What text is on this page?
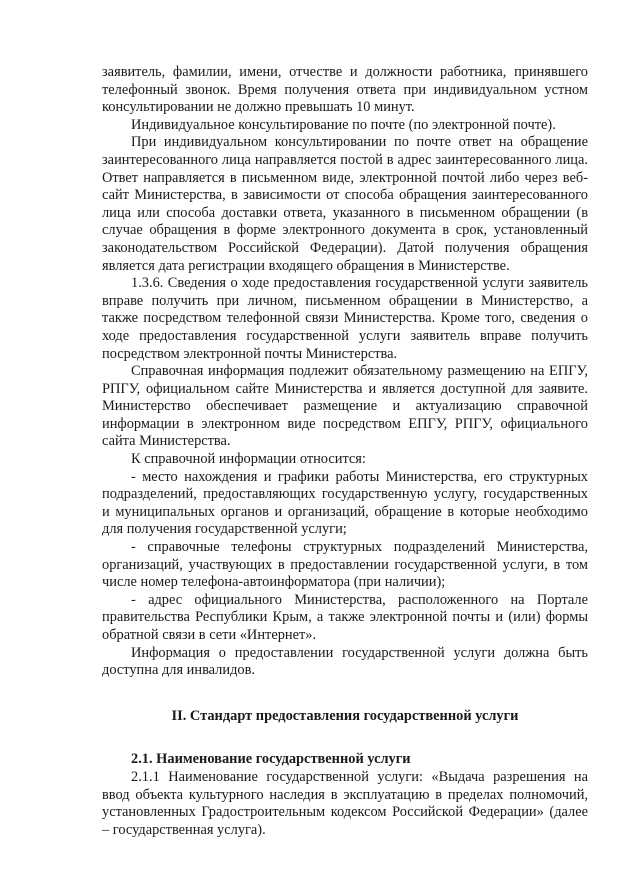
заявитель, фамилии, имени, отчестве и должности работника, принявшего телефонный звонок. Время получения ответа при индивидуальном устном консультировании не должно превышать 10 минут.

Индивидуальное консультирование по почте (по электронной почте).

При индивидуальном консультировании по почте ответ на обращение заинтересованного лица направляется постой в адрес заинтересованного лица. Ответ направляется в письменном виде, электронной почтой либо через веб-сайт Министерства, в зависимости от способа обращения заинтересованного лица или способа доставки ответа, указанного в письменном обращении (в случае обращения в форме электронного документа в срок, установленный законодательством Российской Федерации). Датой получения обращения является дата регистрации входящего обращения в Министерстве.

1.3.6. Сведения о ходе предоставления государственной услуги заявитель вправе получить при личном, письменном обращении в Министерство, а также посредством телефонной связи Министерства. Кроме того, сведения о ходе предоставления государственной услуги заявитель вправе получить посредством электронной почты Министерства.

Справочная информация подлежит обязательному размещению на ЕПГУ, РПГУ, официальном сайте Министерства и является доступной для заявите. Министерство обеспечивает размещение и актуализацию справочной информации в электронном виде посредством ЕПГУ, РПГУ, официального сайта Министерства.

К справочной информации относится:

- место нахождения и графики работы Министерства, его структурных подразделений, предоставляющих государственную услугу, государственных и муниципальных органов и организаций, обращение в которые необходимо для получения государственной услуги;

- справочные телефоны структурных подразделений Министерства, организаций, участвующих в предоставлении государственной услуги, в том числе номер телефона-автоинформатора (при наличии);

- адрес официального Министерства, расположенного на Портале правительства Республики Крым, а также электронной почты и (или) формы обратной связи в сети «Интернет».

Информация о предоставлении государственной услуги должна быть доступна для инвалидов.

II. Стандарт предоставления государственной услуги
2.1. Наименование государственной услуги

2.1.1 Наименование государственной услуги: «Выдача разрешения на ввод объекта культурного наследия в эксплуатацию в пределах полномочий, установленных Градостроительным кодексом Российской Федерации» (далее – государственная услуга).
